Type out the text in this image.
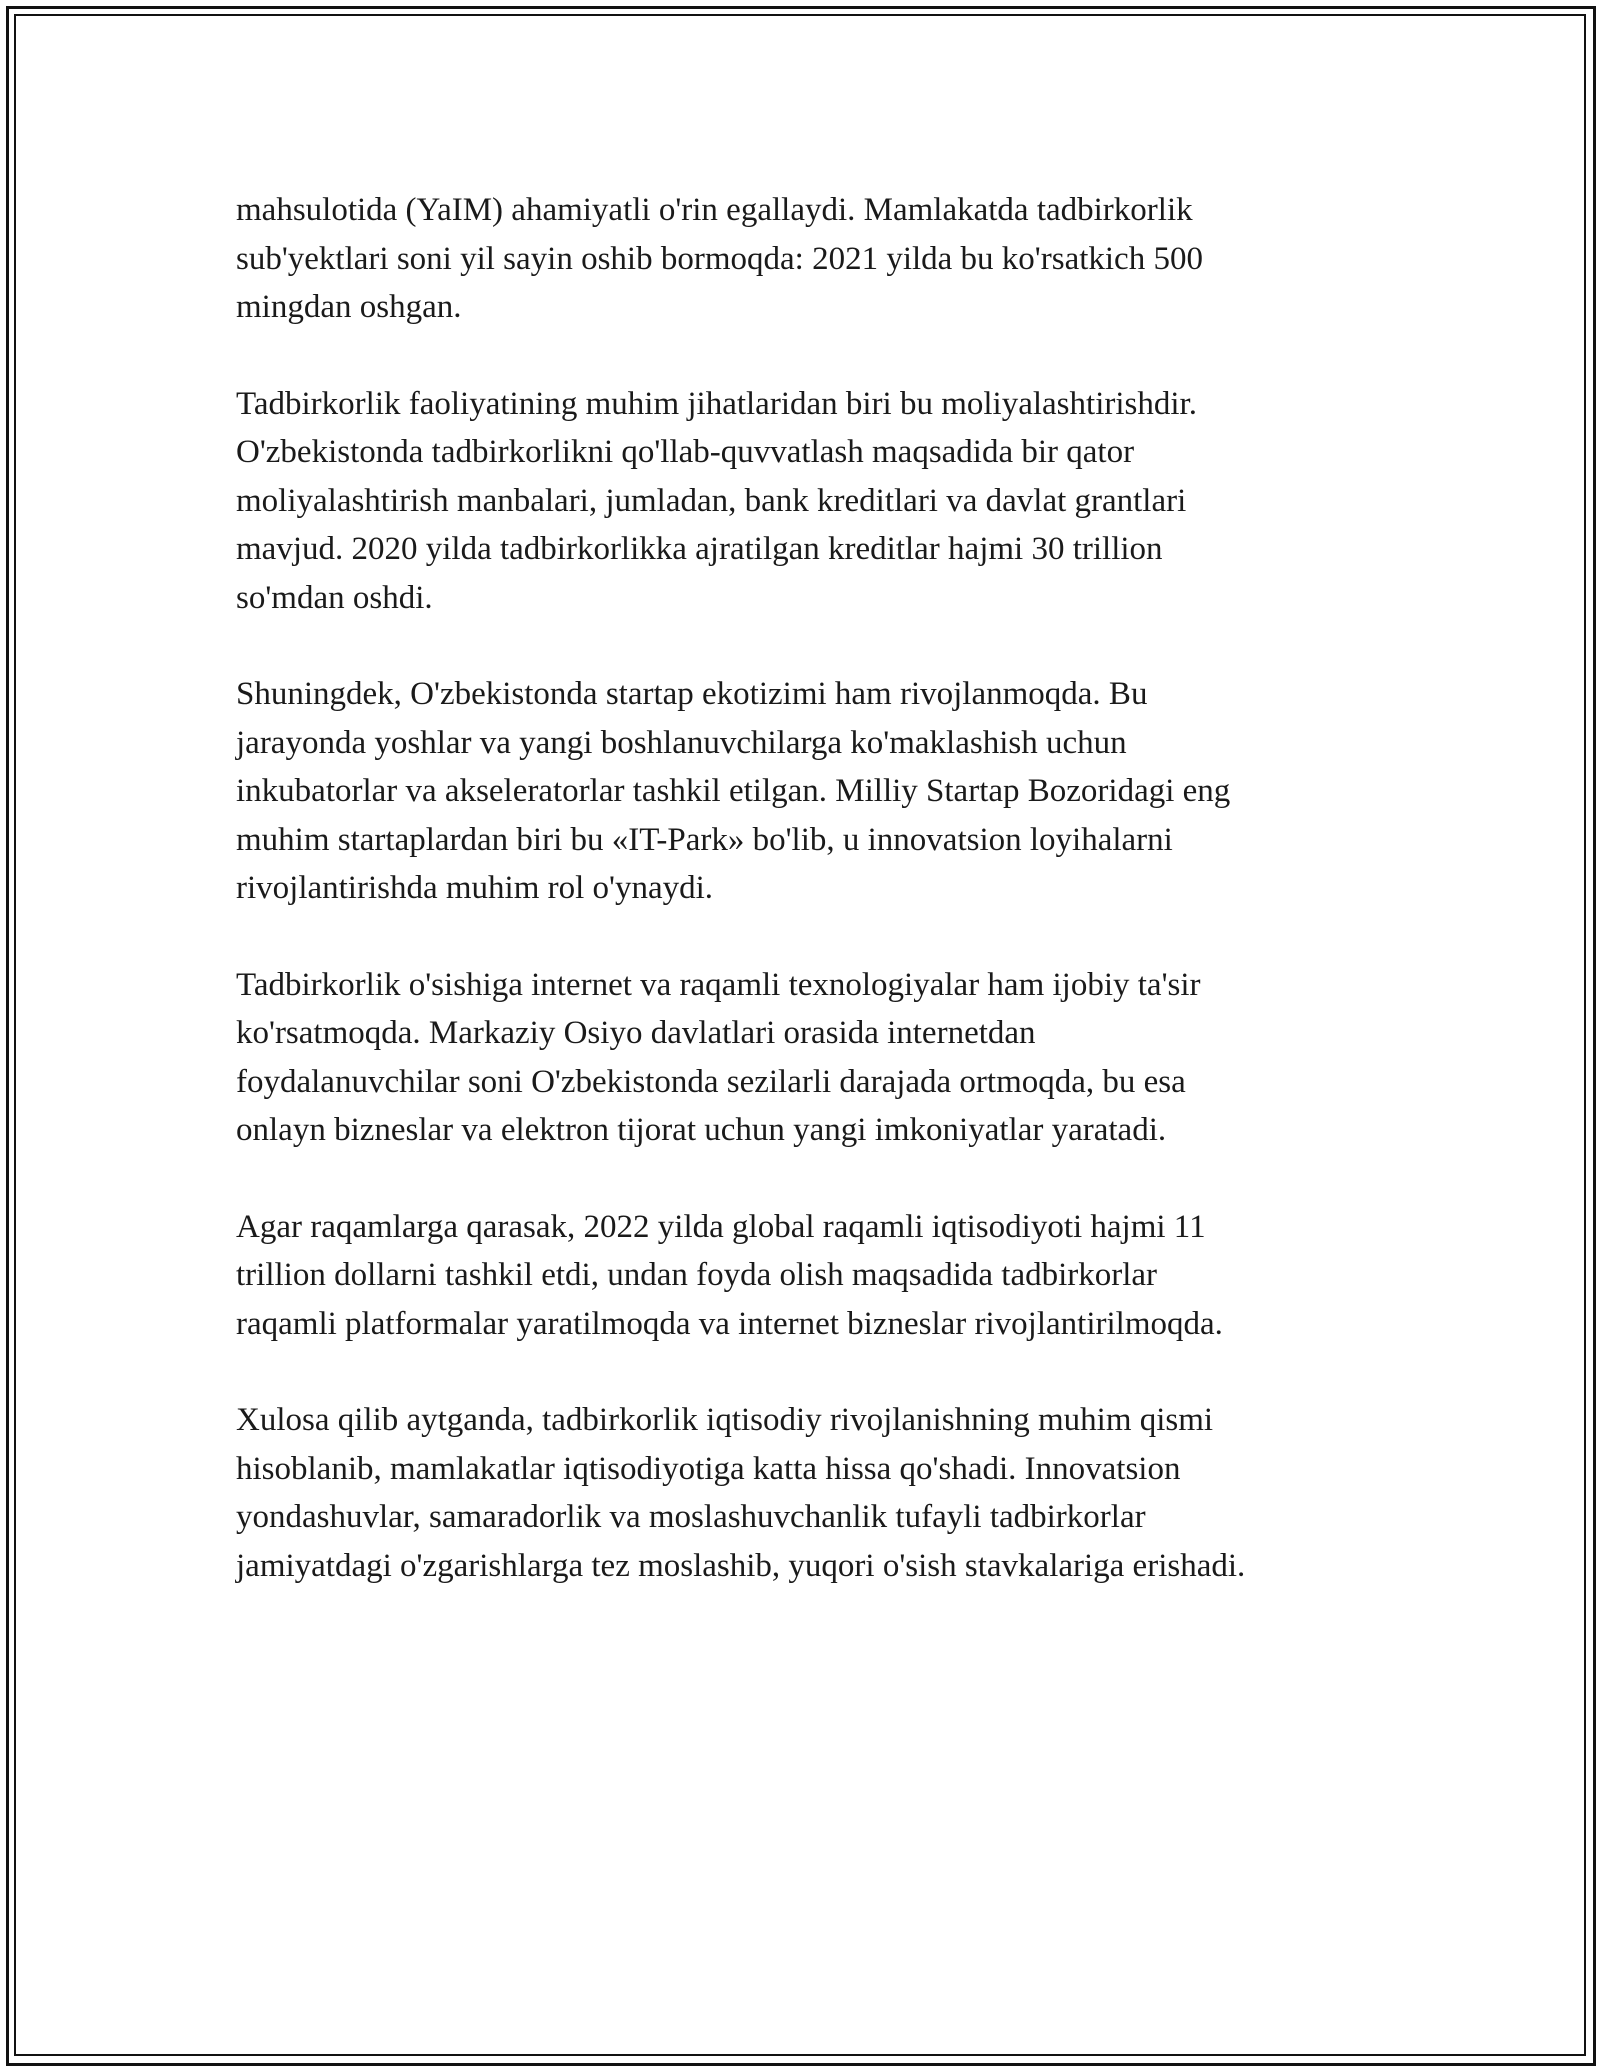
mahsulotida (YaIM) ahamiyatli o'rin egallaydi. Mamlakatda tadbirkorlik
sub'yektlari soni yil sayin oshib bormoqda: 2021 yilda bu ko'rsatkich 500
mingdan oshgan.

Tadbirkorlik faoliyatining muhim jihatlaridan biri bu moliyalashtirishdir.
O'zbekistonda tadbirkorlikni qo'llab-quvvatlash maqsadida bir qator
moliyalashtirish manbalari, jumladan, bank kreditlari va davlat grantlari
mavjud. 2020 yilda tadbirkorlikka ajratilgan kreditlar hajmi 30 trillion
so'mdan oshdi.

Shuningdek, O'zbekistonda startap ekotizimi ham rivojlanmoqda. Bu
jarayonda yoshlar va yangi boshlanuvchilarga ko'maklashish uchun
inkubatorlar va akseleratorlar tashkil etilgan. Milliy Startap Bozoridagi eng
muhim startaplardan biri bu «IT-Park» bo'lib, u innovatsion loyihalarni
rivojlantirishda muhim rol o'ynaydi.

Tadbirkorlik o'sishiga internet va raqamli texnologiyalar ham ijobiy ta'sir
ko'rsatmoqda. Markaziy Osiyo davlatlari orasida internetdan
foydalanuvchilar soni O'zbekistonda sezilarli darajada ortmoqda, bu esa
onlayn bizneslar va elektron tijorat uchun yangi imkoniyatlar yaratadi.

Agar raqamlarga qarasak, 2022 yilda global raqamli iqtisodiyoti hajmi 11
trillion dollarni tashkil etdi, undan foyda olish maqsadida tadbirkorlar
raqamli platformalar yaratilmoqda va internet bizneslar rivojlantirilmoqda.

Xulosa qilib aytganda, tadbirkorlik iqtisodiy rivojlanishning muhim qismi
hisoblanib, mamlakatlar iqtisodiyotiga katta hissa qo'shadi. Innovatsion
yondashuvlar, samaradorlik va moslashuvchanlik tufayli tadbirkorlar
jamiyatdagi o'zgarishlarga tez moslashib, yuqori o'sish stavkalariga erishadi.
